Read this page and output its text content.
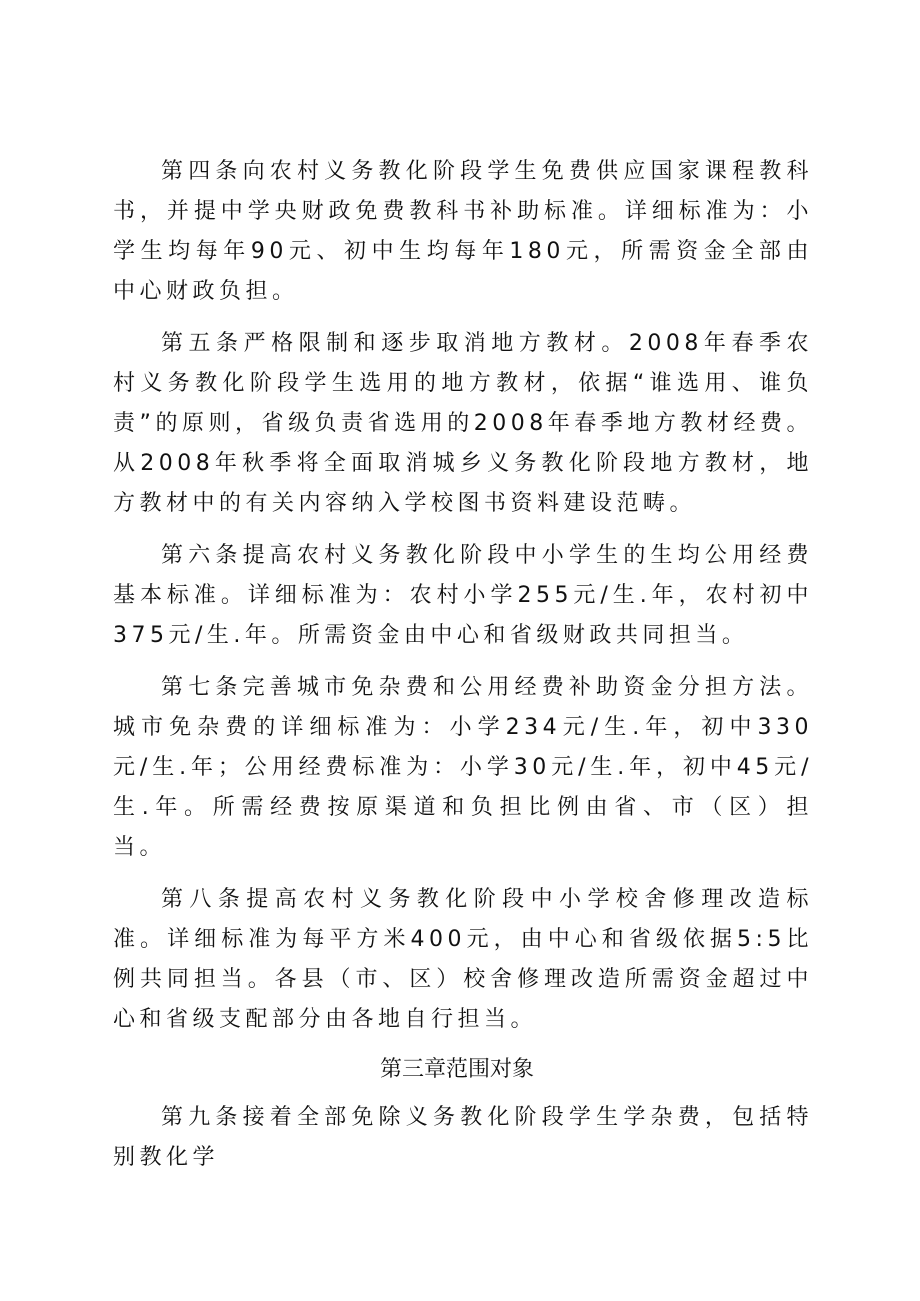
第四条向农村义务教化阶段学生免费供应国家课程教科书，并提中学央财政免费教科书补助标准。详细标准为：小学生均每年90元、初中生均每年180元，所需资金全部由中心财政负担。

第五条严格限制和逐步取消地方教材。2008年春季农村义务教化阶段学生选用的地方教材，依据“谁选用、谁负责”的原则，省级负责省选用的2008年春季地方教材经费。从2008年秋季将全面取消城乡义务教化阶段地方教材，地方教材中的有关内容纳入学校图书资料建设范畴。

第六条提高农村义务教化阶段中小学生的生均公用经费基本标准。详细标准为：农村小学255元/生.年，农村初中375元/生.年。所需资金由中心和省级财政共同担当。

第七条完善城市免杂费和公用经费补助资金分担方法。城市免杂费的详细标准为：小学234元/生.年，初中330元/生.年；公用经费标准为：小学30元/生.年，初中45元/生.年。所需经费按原渠道和负担比例由省、市（区）担当。

第八条提高农村义务教化阶段中小学校舍修理改造标准。详细标准为每平方米400元，由中心和省级依据5:5比例共同担当。各县（市、区）校舍修理改造所需资金超过中心和省级支配部分由各地自行担当。

第三章范围对象

第九条接着全部免除义务教化阶段学生学杂费，包括特别教化学
